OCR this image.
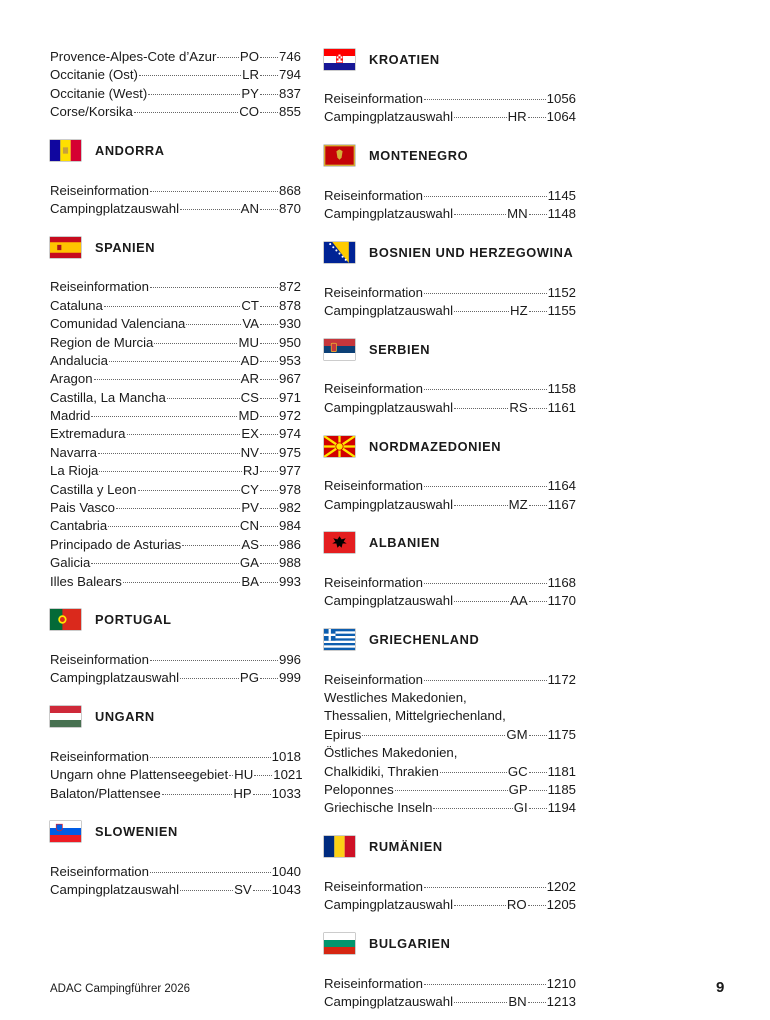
Provence-Alpes-Cote d’Azur PO 746
Occitanie (Ost)	LR 794
Occitanie (West)	PY 837
Corse/Korsika	CO 855
ANDORRA
Reiseinformation	868
Campingplatzauswahl	AN 870
SPANIEN
Reiseinformation	872
Cataluna	CT 878
Comunidad Valenciana	VA 930
Region de Murcia	MU 950
Andalucia	AD 953
Aragon	AR 967
Castilla, La Mancha	CS 971
Madrid	MD 972
Extremadura	EX 974
Navarra	NV 975
La Rioja	RJ 977
Castilla y Leon	CY 978
Pais Vasco	PV 982
Cantabria	CN 984
Principado de Asturias	AS 986
Galicia	GA 988
Illes Balears	BA 993
PORTUGAL
Reiseinformation	996
Campingplatzauswahl	PG 999
UNGARN
Reiseinformation	1018
Ungarn ohne Plattenseegebiet HU 1021
Balaton/Plattensee	HP 1033
SLOWENIEN
Reiseinformation	1040
Campingplatzauswahl	SV 1043
KROATIEN
Reiseinformation	1056
Campingplatzauswahl	HR 1064
MONTENEGRO
Reiseinformation	1145
Campingplatzauswahl	MN 1148
BOSNIEN UND HERZEGOWINA
Reiseinformation	1152
Campingplatzauswahl	HZ 1155
SERBIEN
Reiseinformation	1158
Campingplatzauswahl	RS 1161
NORDMAZEDONIEN
Reiseinformation	1164
Campingplatzauswahl	MZ 1167
ALBANIEN
Reiseinformation	1168
Campingplatzauswahl	AA 1170
GRIECHENLAND
Reiseinformation	1172
Westliches Makedonien,
Thessalien, Mittelgriechenland,
Epirus	GM 1175
Östliches Makedonien,
Chalkidiki, Thrakien	GC 1181
Peloponnes	GP 1185
Griechische Inseln	GI 1194
RUMÄNIEN
Reiseinformation	1202
Campingplatzauswahl	RO 1205
BULGARIEN
Reiseinformation	1210
Campingplatzauswahl	BN 1213
ADAC Campingführer 2026	9
